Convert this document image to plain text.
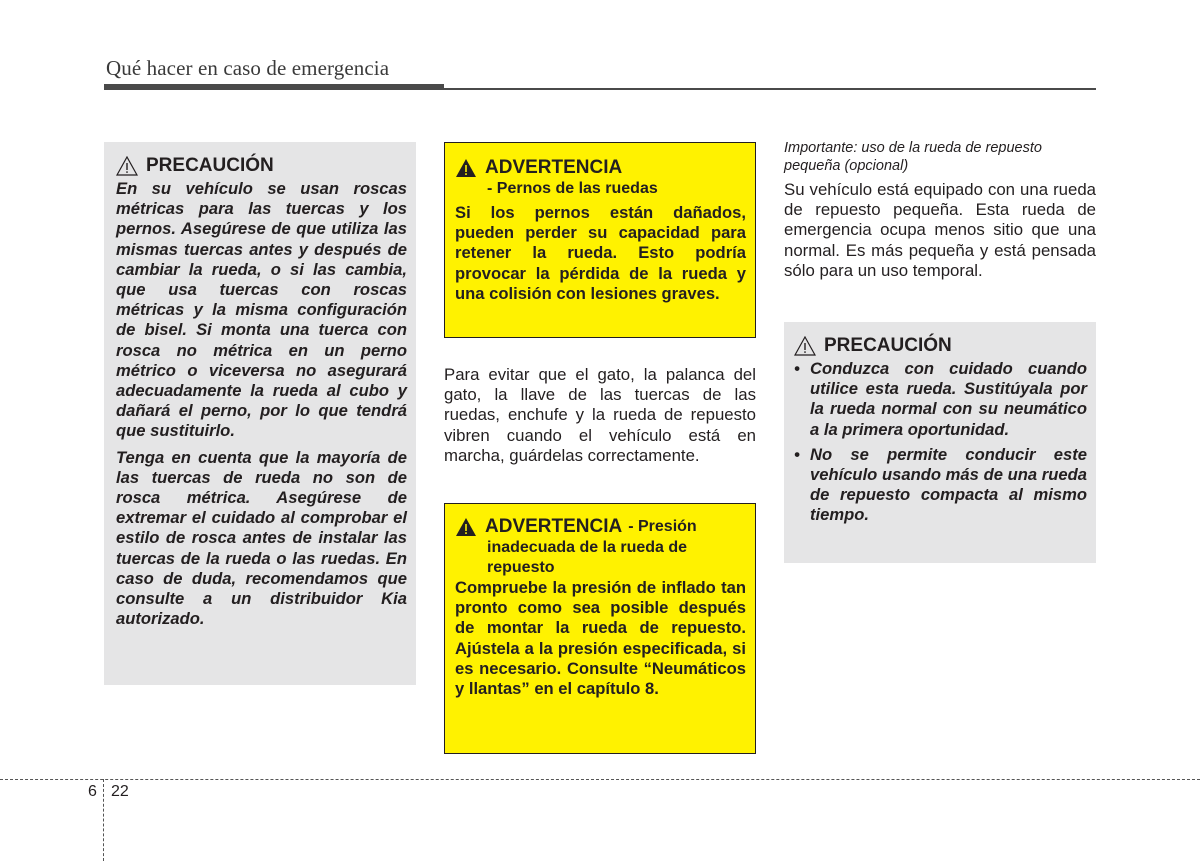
Qué hacer en caso de emergencia
PRECAUCIÓN

En su vehículo se usan roscas métricas para las tuercas y los pernos. Asegúrese de que utiliza las mismas tuercas antes y después de cambiar la rueda, o si las cambia, que usa tuercas con roscas métricas y la misma configuración de bisel. Si monta una tuerca con rosca no métrica en un perno métrico o viceversa no asegurará adecuadamente la rueda al cubo y dañará el perno, por lo que tendrá que sustituirlo.

Tenga en cuenta que la mayoría de las tuercas de rueda no son de rosca métrica. Asegúrese de extremar el cuidado al comprobar el estilo de rosca antes de instalar las tuercas de la rueda o las ruedas. En caso de duda, recomendamos que consulte a un distribuidor Kia autorizado.

ADVERTENCIA
- Pernos de las ruedas

Si los pernos están dañados, pueden perder su capacidad para retener la rueda. Esto podría provocar la pérdida de la rueda y una colisión con lesiones graves.

Para evitar que el gato, la palanca del gato, la llave de las tuercas de las ruedas, enchufe y la rueda de repuesto vibren cuando el vehículo está en marcha, guárdelas correctamente.

ADVERTENCIA - Presión
inadecuada de la rueda de repuesto

Compruebe la presión de inflado tan pronto como sea posible después de montar la rueda de repuesto. Ajústela a la presión especificada, si es necesario. Consulte “Neumáticos y llantas” en el capítulo 8.

Importante: uso de la rueda de repuesto pequeña (opcional)

Su vehículo está equipado con una rueda de repuesto pequeña. Esta rueda de emergencia ocupa menos sitio que una normal. Es más pequeña y está pensada sólo para un uso temporal.

PRECAUCIÓN
• Conduzca con cuidado cuando utilice esta rueda. Sustitúyala por la rueda normal con su neumático a la primera oportunidad.
• No se permite conducir este vehículo usando más de una rueda de repuesto compacta al mismo tiempo.
6 22
